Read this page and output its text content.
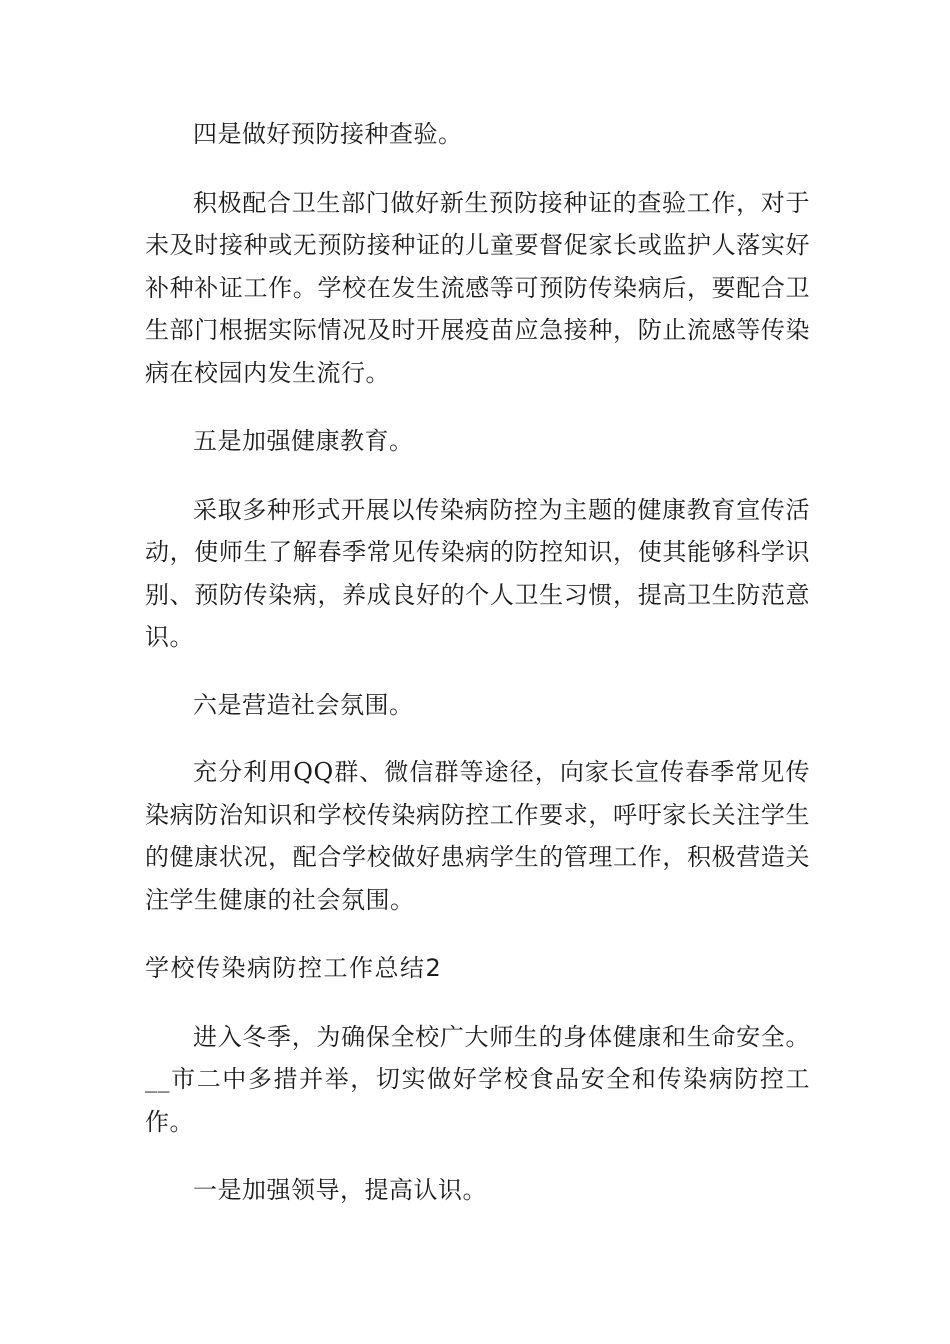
四是做好预防接种查验。

积极配合卫生部门做好新生预防接种证的查验工作，对于未及时接种或无预防接种证的儿童要督促家长或监护人落实好补种补证工作。学校在发生流感等可预防传染病后，要配合卫生部门根据实际情况及时开展疫苗应急接种，防止流感等传染病在校园内发生流行。

五是加强健康教育。

采取多种形式开展以传染病防控为主题的健康教育宣传活动，使师生了解春季常见传染病的防控知识，使其能够科学识别、预防传染病，养成良好的个人卫生习惯，提高卫生防范意识。

六是营造社会氛围。

充分利用QQ群、微信群等途径，向家长宣传春季常见传染病防治知识和学校传染病防控工作要求，呼吁家长关注学生的健康状况，配合学校做好患病学生的管理工作，积极营造关注学生健康的社会氛围。

学校传染病防控工作总结2

进入冬季，为确保全校广大师生的身体健康和生命安全。__市二中多措并举，切实做好学校食品安全和传染病防控工作。

一是加强领导，提高认识。
